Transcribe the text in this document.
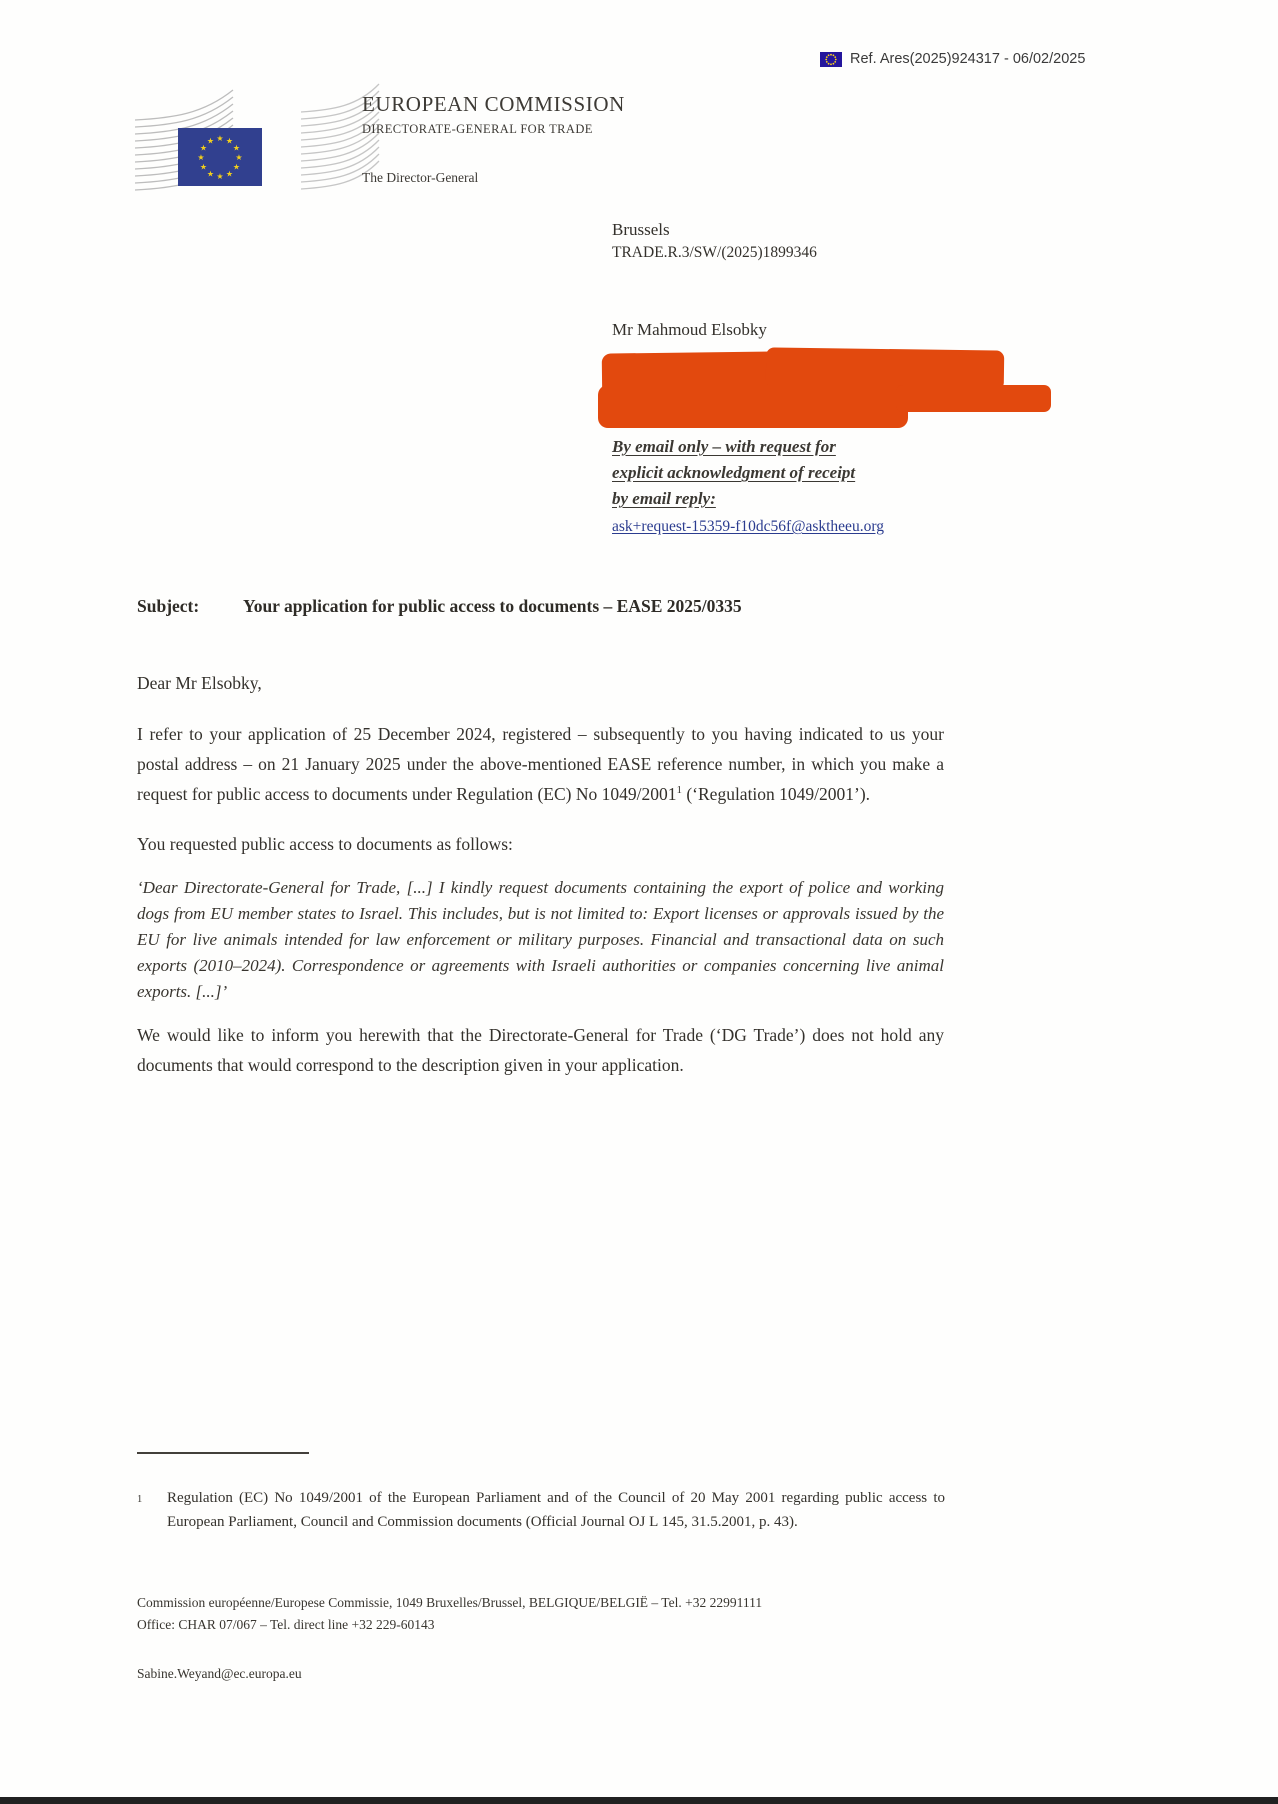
Ref. Ares(2025)924317 - 06/02/2025
★ ★
★
★
★
★
★
★
★
★
★
★
EUROPEAN COMMISSION
DIRECTORATE-GENERAL FOR TRADE
The Director-General
Brussels
TRADE.R.3/SW/(2025)1899346
Mr Mahmoud Elsobky
By email only – with request for
explicit acknowledgment of receipt
by email reply:
ask+request-15359-f10dc56f@asktheeu.org
Subject:	Your application for public access to documents – EASE 2025/0335

Dear Mr Elsobky,

I refer to your application of 25 December 2024, registered – subsequently to you having indicated to us your postal address – on 21 January 2025 under the above-mentioned EASE reference number, in which you make a request for public access to documents under Regulation (EC) No 1049/2001$^1$ (‘Regulation 1049/2001’).

You requested public access to documents as follows:

‘Dear Directorate-General for Trade, [...] I kindly request documents containing the export of police and working dogs from EU member states to Israel. This includes, but is not limited to: Export licenses or approvals issued by the EU for live animals intended for law enforcement or military purposes. Financial and transactional data on such exports (2010–2024). Correspondence or agreements with Israeli authorities or companies concerning live animal exports. [...]’

We would like to inform you herewith that the Directorate-General for Trade (‘DG Trade’) does not hold any documents that would correspond to the description given in your application.

1	Regulation (EC) No 1049/2001 of the European Parliament and of the Council of 20 May 2001 regarding public access to European Parliament, Council and Commission documents (Official Journal OJ L 145, 31.5.2001, p. 43).
Commission européenne/Europese Commissie, 1049 Bruxelles/Brussel, BELGIQUE/BELGIË – Tel. +32 22991111
Office: CHAR 07/067 – Tel. direct line +32 229-60143
Sabine.Weyand@ec.europa.eu
